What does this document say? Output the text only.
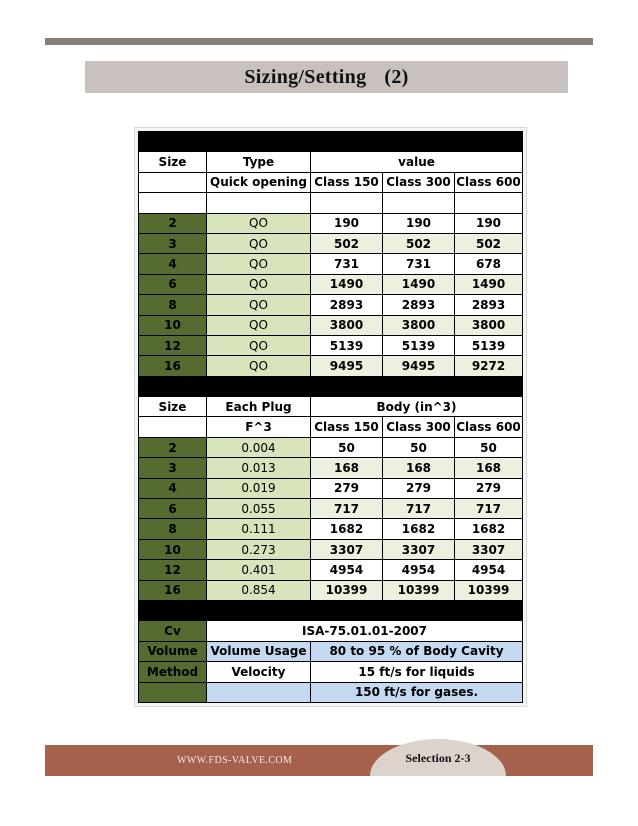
Sizing/Setting (2)
BN /CN/BC valve Cv				
Size	Type	value		
	Quick opening	Class 150	Class 300	Class 600

2	QO	190	190	190
3	QO	502	502	502
4	QO	731	731	678
6	QO	1490	1490	1490
8	QO	2893	2893	2893
10	QO	3800	3800	3800
12	QO	5139	5139	5139
16	QO	9495	9495	9272
BN /CN/BC Cavity volume				
Size	Each Plug	Body (in^3)		
	F^3	Class 150	Class 300	Class 600
2	0.004	50	50	50
3	0.013	168	168	168
4	0.019	279	279	279
6	0.055	717	717	717
8	0.111	1682	1682	1682
10	0.273	3307	3307	3307
12	0.401	4954	4954	4954
16	0.854	10399	10399	10399
Sizing Method				
Cv	ISA-75.01.01-2007			
Volume	Volume Usage	80 to 95 % of Body Cavity		
Method	Velocity	15 ft/s for liquids		
		150 ft/s for gases.		
WWW.FDS-VALVE.COM	Selection 2-3
